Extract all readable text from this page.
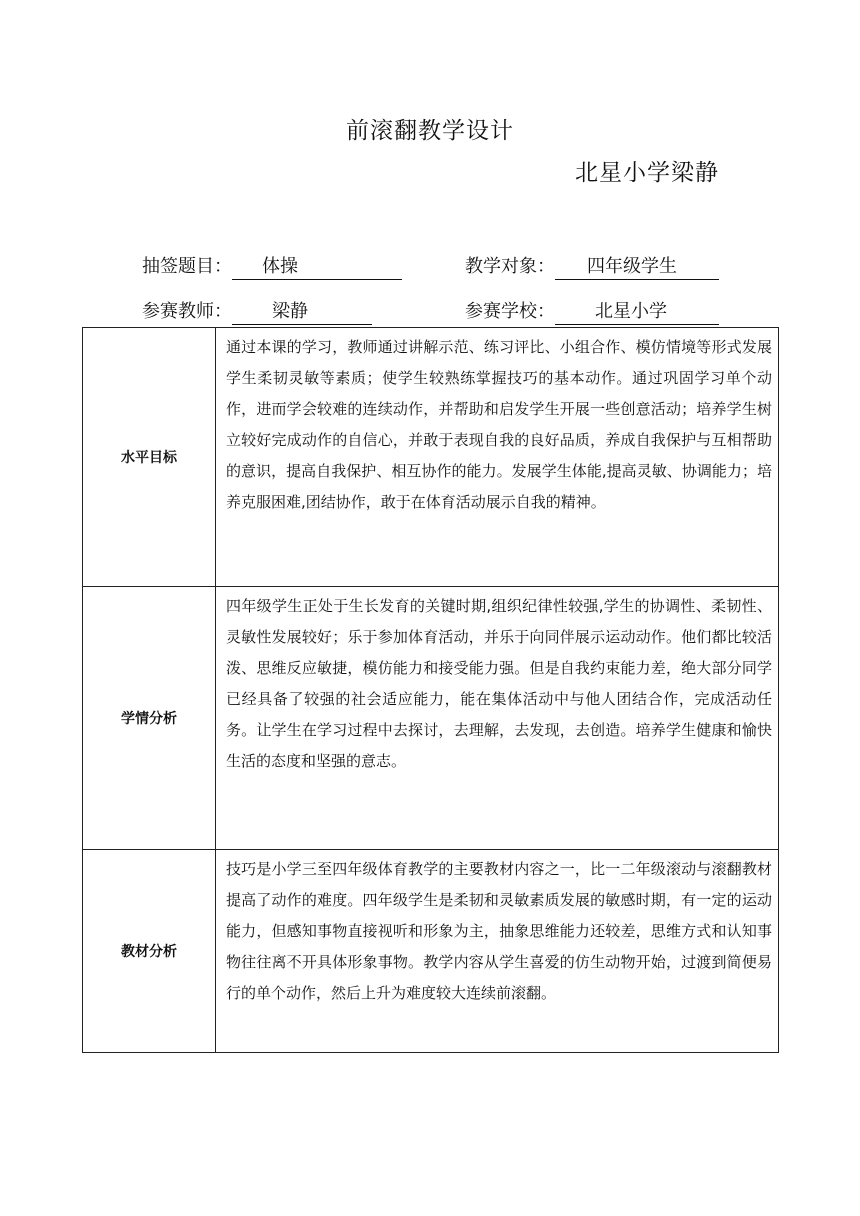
前滚翻教学设计
北星小学梁静
抽签题目： 体操	教学对象： 四年级学生
参赛教师： 梁静	参赛学校： 北星小学
水平目标	通过本课的学习，教师通过讲解示范、练习评比、小组合作、模仿情境等形式发展学生柔韧灵敏等素质；使学生较熟练掌握技巧的基本动作。通过巩固学习单个动作，进而学会较难的连续动作，并帮助和启发学生开展一些创意活动；培养学生树立较好完成动作的自信心，并敢于表现自我的良好品质，养成自我保护与互相帮助的意识，提高自我保护、相互协作的能力。发展学生体能,提高灵敏、协调能力；培养克服困难,团结协作，敢于在体育活动展示自我的精神。
学情分析	四年级学生正处于生长发育的关键时期,组织纪律性较强,学生的协调性、柔韧性、灵敏性发展较好；乐于参加体育活动，并乐于向同伴展示运动动作。他们都比较活泼、思维反应敏捷，模仿能力和接受能力强。但是自我约束能力差，绝大部分同学已经具备了较强的社会适应能力，能在集体活动中与他人团结合作，完成活动任务。让学生在学习过程中去探讨，去理解，去发现，去创造。培养学生健康和愉快生活的态度和坚强的意志。
教材分析	技巧是小学三至四年级体育教学的主要教材内容之一，比一二年级滚动与滚翻教材提高了动作的难度。四年级学生是柔韧和灵敏素质发展的敏感时期，有一定的运动能力，但感知事物直接视听和形象为主，抽象思维能力还较差，思维方式和认知事物往往离不开具体形象事物。教学内容从学生喜爱的仿生动物开始，过渡到简便易行的单个动作，然后上升为难度较大连续前滚翻。
